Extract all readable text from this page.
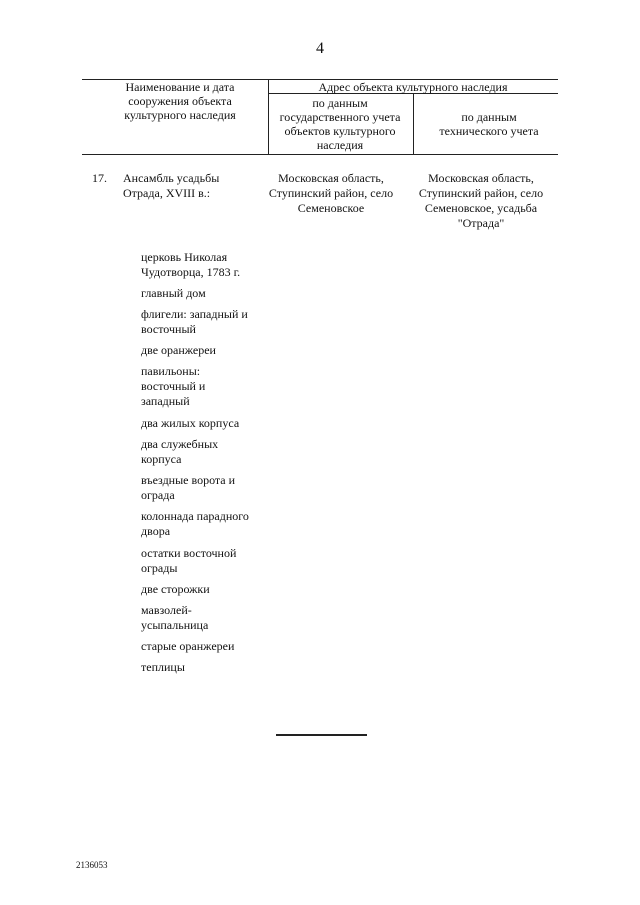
4
Наименование и дата сооружения объекта культурного наследия
Адрес объекта культурного наследия
по данным государственного учета объектов культурного наследия
по данным технического учета
17. Ансамбль усадьбы Отрада, XVIII в.:
Московская область, Ступинский район, село Семеновское
Московская область, Ступинский район, село Семеновское, усадьба "Отрада"
церковь Николая Чудотворца, 1783 г.
главный дом
флигели: западный и восточный
две оранжереи
павильоны: восточный и западный
два жилых корпуса
два служебных корпуса
въездные ворота и ограда
колоннада парадного двора
остатки восточной ограды
две сторожки
мавзолей-усыпальница
старые оранжереи
теплицы
2136053
